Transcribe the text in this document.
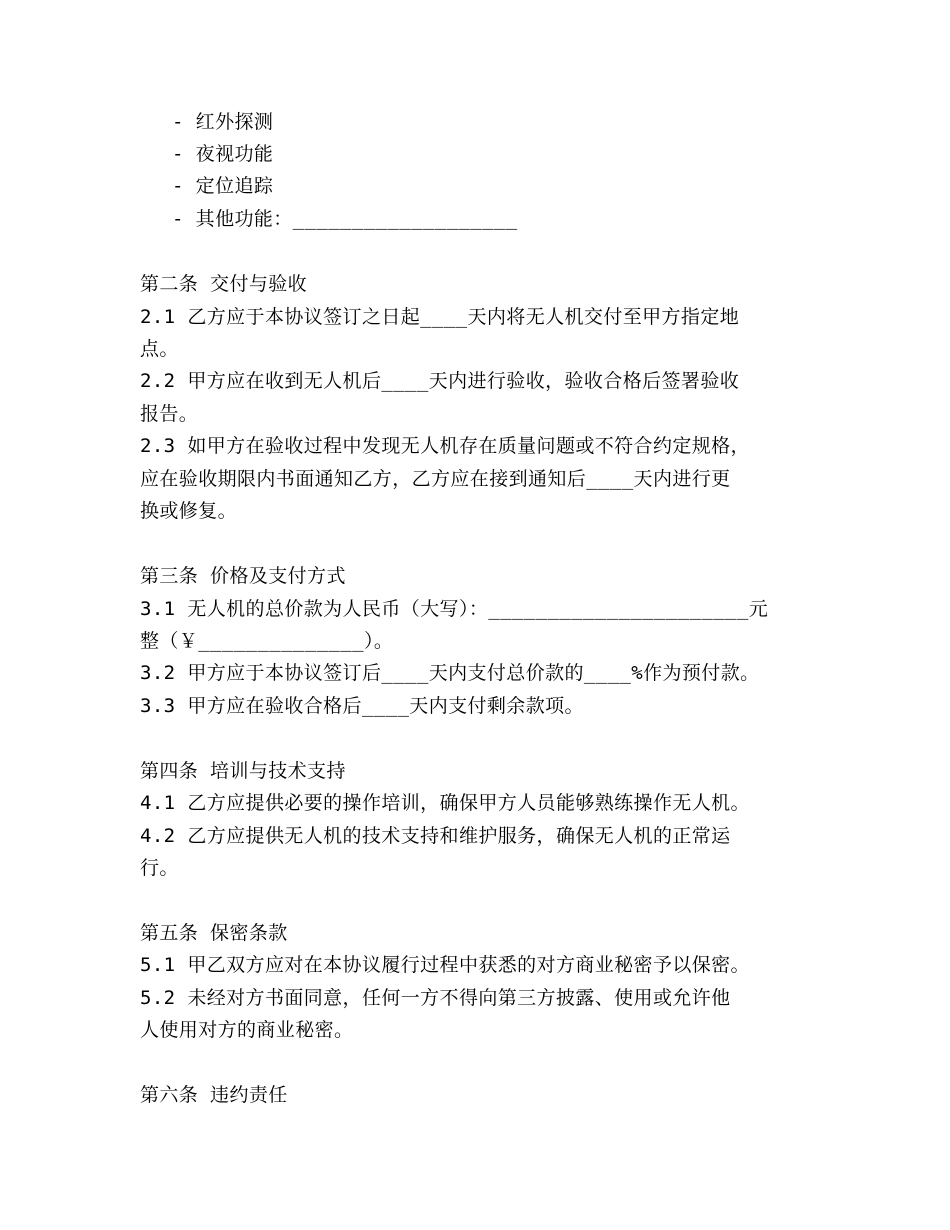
- 红外探测
- 夜视功能
- 定位追踪
- 其他功能：___________________
第二条 交付与验收
2.1 乙方应于本协议签订之日起____天内将无人机交付至甲方指定地
点。
2.2 甲方应在收到无人机后____天内进行验收，验收合格后签署验收
报告。
2.3 如甲方在验收过程中发现无人机存在质量问题或不符合约定规格，
应在验收期限内书面通知乙方，乙方应在接到通知后____天内进行更
换或修复。
第三条 价格及支付方式
3.1 无人机的总价款为人民币（大写）：______________________元
整（￥______________）。
3.2 甲方应于本协议签订后____天内支付总价款的____%作为预付款。
3.3 甲方应在验收合格后____天内支付剩余款项。
第四条 培训与技术支持
4.1 乙方应提供必要的操作培训，确保甲方人员能够熟练操作无人机。
4.2 乙方应提供无人机的技术支持和维护服务，确保无人机的正常运
行。
第五条 保密条款
5.1 甲乙双方应对在本协议履行过程中获悉的对方商业秘密予以保密。
5.2 未经对方书面同意，任何一方不得向第三方披露、使用或允许他
人使用对方的商业秘密。
第六条 违约责任
